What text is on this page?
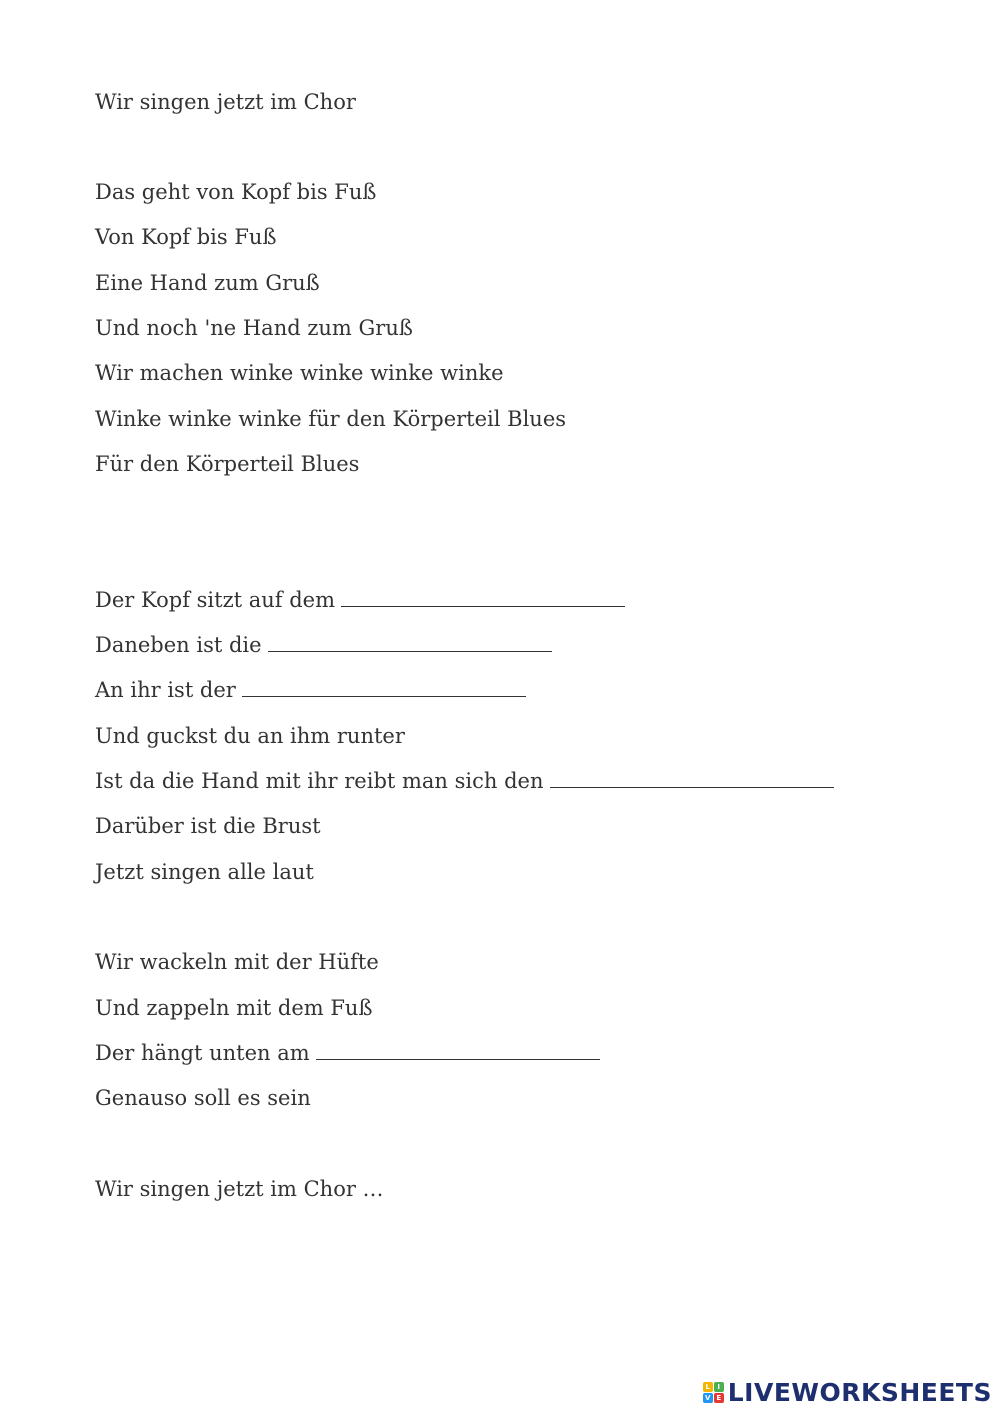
Wir singen jetzt im Chor

Das geht von Kopf bis Fuß

Von Kopf bis Fuß

Eine Hand zum Gruß

Und noch 'ne Hand zum Gruß

Wir machen winke winke winke winke

Winke winke winke für den Körperteil Blues

Für den Körperteil Blues

Der Kopf sitzt auf dem
Daneben ist die
An ihr ist der

Und guckst du an ihm runter

Ist da die Hand mit ihr reibt man sich den

Darüber ist die Brust

Jetzt singen alle laut

Wir wackeln mit der Hüfte

Und zappeln mit dem Fuß

Der hängt unten am

Genauso soll es sein

Wir singen jetzt im Chor …

L	I
V E LIVEWORKSHEETS
